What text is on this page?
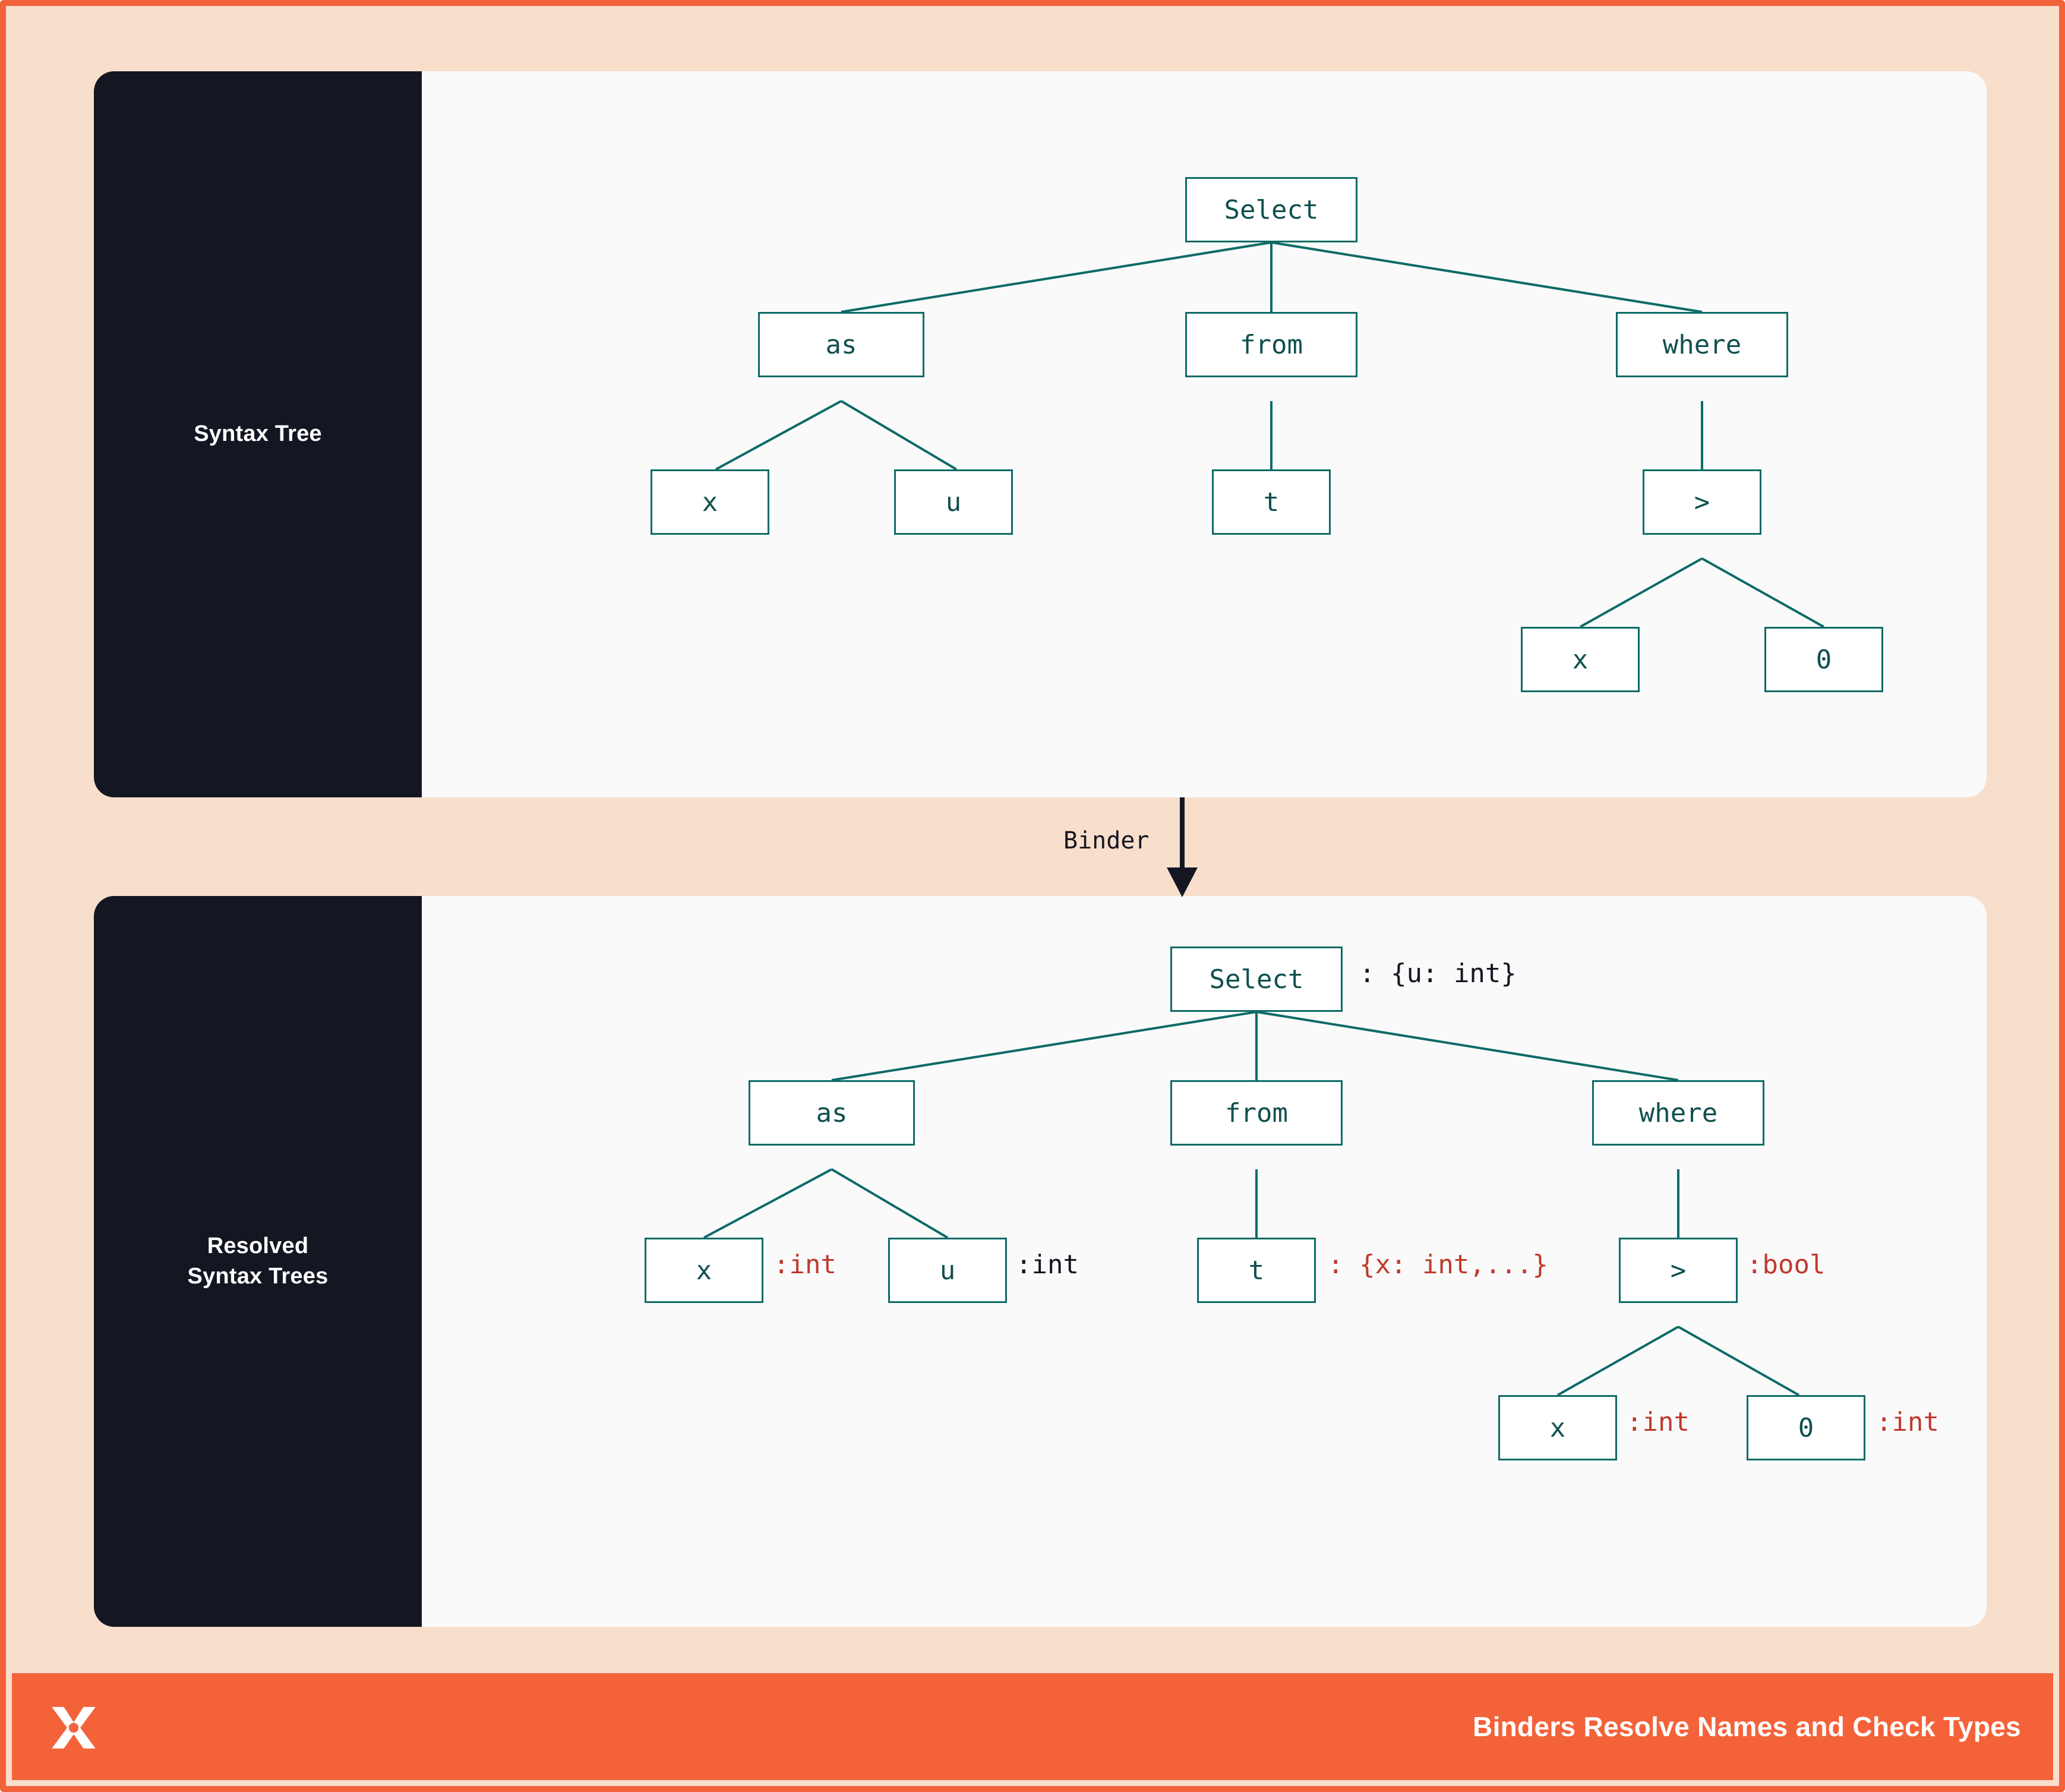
Syntax Tree
Select
as	from	where
x	u	t	>
x	0
Binder
Resolved
Syntax Trees
Select	: {u: int}
as	from	where
x	:int	u	:int	t	: {x: int,...}	>	:bool
x	:int	0	:int
Binders Resolve Names and Check Types
